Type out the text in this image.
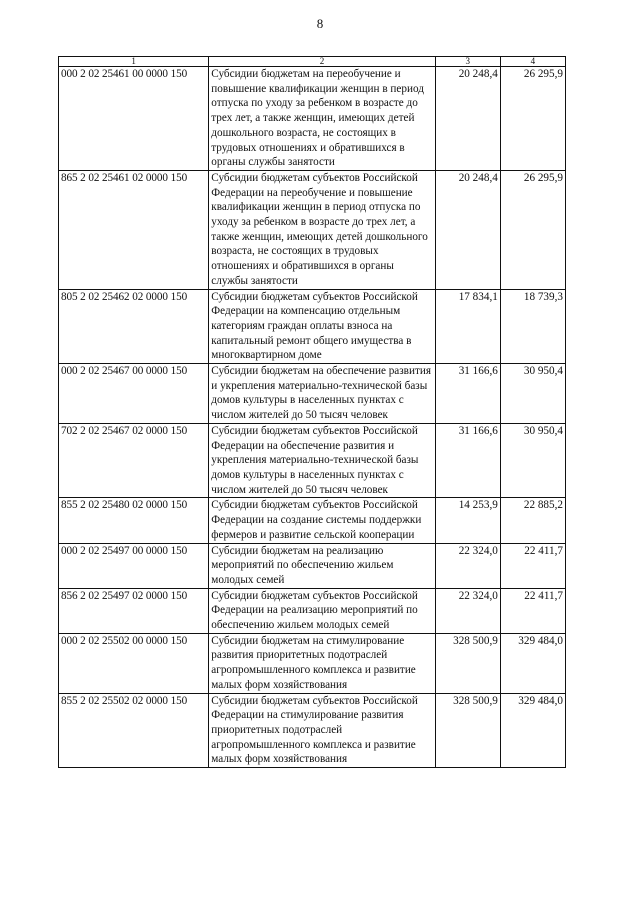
8
1	2	3	4
000 2 02 25461 00 0000 150	Субсидии бюджетам на переобучение и повышение квалификации женщин в период отпуска по уходу за ребенком в возрасте до трех лет, а также женщин, имеющих детей дошкольного возраста, не состоящих в трудовых отношениях и обратившихся в органы службы занятости	20 248,4	26 295,9
865 2 02 25461 02 0000 150	Субсидии бюджетам субъектов Российской Федерации на переобучение и повышение квалификации женщин в период отпуска по уходу за ребенком в возрасте до трех лет, а также женщин, имеющих детей дошкольного возраста, не состоящих в трудовых отношениях и обратившихся в органы службы занятости	20 248,4	26 295,9
805 2 02 25462 02 0000 150	Субсидии бюджетам субъектов Российской Федерации на компенсацию отдельным категориям граждан оплаты взноса на капитальный ремонт общего имущества в многоквартирном доме	17 834,1	18 739,3
000 2 02 25467 00 0000 150	Субсидии бюджетам на обеспечение развития и укрепления материально-технической базы домов культуры в населенных пунктах с числом жителей до 50 тысяч человек	31 166,6	30 950,4
702 2 02 25467 02 0000 150	Субсидии бюджетам субъектов Российской Федерации на обеспечение развития и укрепления материально-технической базы домов культуры в населенных пунктах с числом жителей до 50 тысяч человек	31 166,6	30 950,4
855 2 02 25480 02 0000 150	Субсидии бюджетам субъектов Российской Федерации на создание системы поддержки фермеров и развитие сельской кооперации	14 253,9	22 885,2
000 2 02 25497 00 0000 150	Субсидии бюджетам на реализацию мероприятий по обеспечению жильем молодых семей	22 324,0	22 411,7
856 2 02 25497 02 0000 150	Субсидии бюджетам субъектов Российской Федерации на реализацию мероприятий по обеспечению жильем молодых семей	22 324,0	22 411,7
000 2 02 25502 00 0000 150	Субсидии бюджетам на стимулирование развития приоритетных подотраслей агропромышленного комплекса и развитие малых форм хозяйствования	328 500,9	329 484,0
855 2 02 25502 02 0000 150	Субсидии бюджетам субъектов Российской Федерации на стимулирование развития приоритетных подотраслей агропромышленного комплекса и развитие малых форм хозяйствования	328 500,9	329 484,0
